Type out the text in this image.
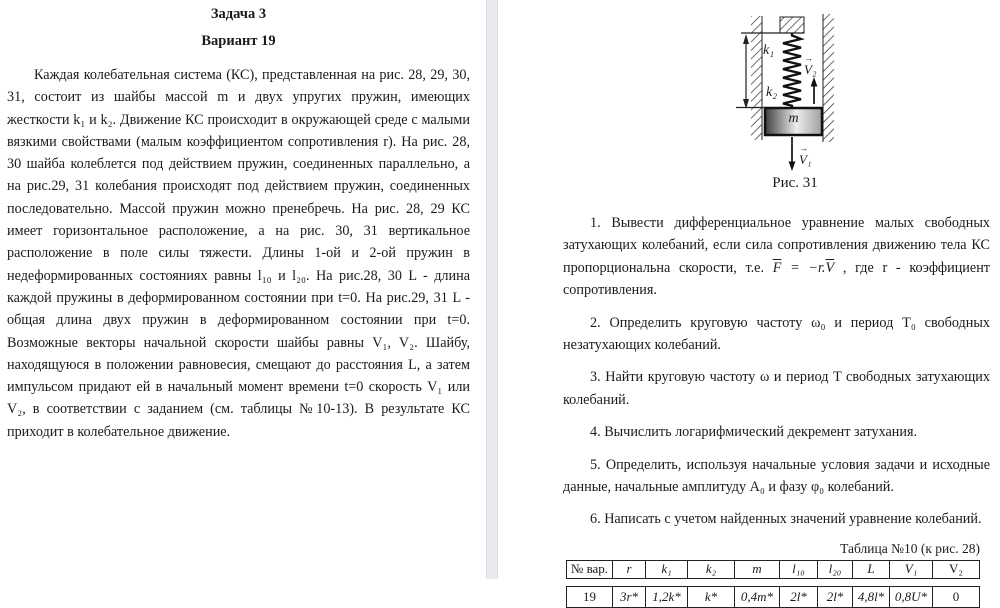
Задача 3
Вариант 19

Каждая колебательная система (КС), представленная на рис. 28, 29, 30, 31, состоит из шайбы массой m и двух упругих пружин, имеющих жесткости k₁ и k₂. Движение КС происходит в окружающей среде с малыми вязкими свойствами (малым коэффициентом сопротивления r). На рис. 28, 30 шайба колеблется под действием пружин, соединенных параллельно, а на рис.29, 31 колебания происходят под действием пружин, соединенных последовательно. Массой пружин можно пренебречь. На рис. 28, 29 КС имеет горизонтальное расположение, а на рис. 30, 31 вертикальное расположение в поле силы тяжести. Длины 1-ой и 2-ой пружин в недеформированных состояниях равны l₁₀ и l₂₀. На рис.28, 30 L - длина каждой пружины в деформированном состоянии при t=0. На рис.29, 31 L - общая длина двух пружин в деформированном состоянии при t=0. Возможные векторы начальной скорости шайбы равны V₁, V₂. Шайбу, находящуюся в положении равновесия, смещают до расстояния L, а затем импульсом придают ей в начальный момент времени t=0 скорость V₁ или V₂, в соответствии с заданием (см. таблицы №10-13). В результате КС приходит в колебательное движение.

k₁
k₂
→ V₂
m
→ V₁
Рис. 31

1. Вывести дифференциальное уравнение малых свободных затухающих колебаний, если сила сопротивления движению тела КС пропорциональна скорости, т.е. $\overline{F} = -r.\overline{V}$ , где r - коэффициент сопротивления.

2. Определить круговую частоту ω₀ и период T₀ свободных незатухающих колебаний.

3. Найти круговую частоту ω и период T свободных затухающих колебаний.

4. Вычислить логарифмический декремент затухания.

5. Определить, используя начальные условия задачи и исходные данные, начальные амплитуду A₀ и фазу φ₀ колебаний.

6. Написать с учетом найденных значений уравнение колебаний.

Таблица №10 (к рис. 28)
№ вар.	r	k₁	k₂	m	l₁₀	l₂₀	L	V₁	V₂
19	3r*	1,2k*	k*	0,4m*	2l*	2l*	4,8l* 0,8U*	0
